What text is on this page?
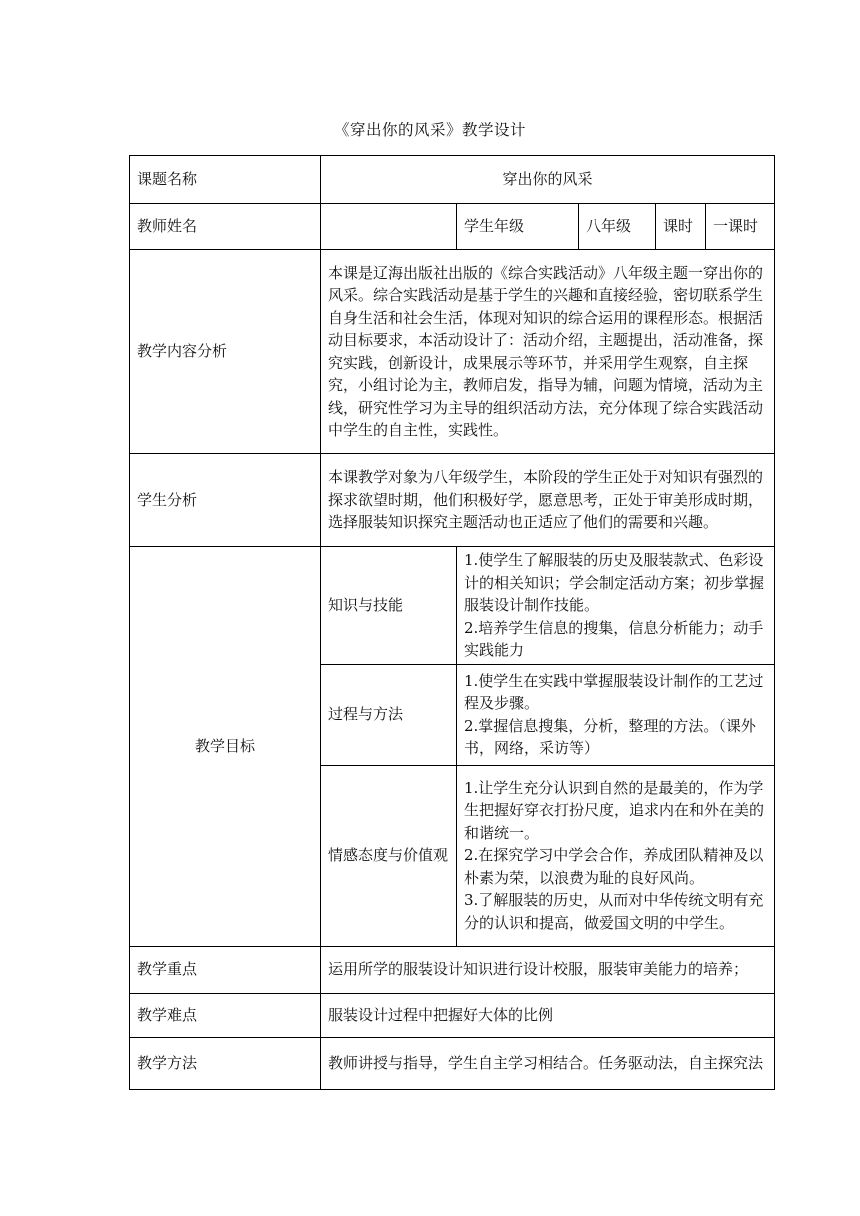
《穿出你的风采》教学设计
课题名称	穿出你的风采				
教师姓名		学生年级	八年级	课时	一课时
教学内容分析	本课是辽海出版社出版的《综合实践活动》八年级主题一穿出你的风采。综合实践活动是基于学生的兴趣和直接经验，密切联系学生自身生活和社会生活，体现对知识的综合运用的课程形态。根据活动目标要求，本活动设计了：活动介绍，主题提出，活动准备，探究实践，创新设计，成果展示等环节，并采用学生观察，自主探究，小组讨论为主，教师启发，指导为辅，问题为情境，活动为主线，研究性学习为主导的组织活动方法，充分体现了综合实践活动中学生的自主性，实践性。				
学生分析	本课教学对象为八年级学生，本阶段的学生正处于对知识有强烈的探求欲望时期，他们积极好学，愿意思考，正处于审美形成时期，选择服装知识探究主题活动也正适应了他们的需要和兴趣。				
教学目标	知识与技能	1.使学生了解服装的历史及服装款式、色彩设计的相关知识；学会制定活动方案；初步掌握服装设计制作技能。
2.培养学生信息的搜集，信息分析能力；动手实践能力			

	过程与方法	1.使学生在实践中掌握服装设计制作的工艺过程及步骤。
2.掌握信息搜集，分析，整理的方法。（课外书，网络，采访等）			

	情感态度与价值观	1.让学生充分认识到自然的是最美的，作为学生把握好穿衣打扮尺度，追求内在和外在美的和谐统一。
2.在探究学习中学会合作，养成团队精神及以朴素为荣，以浪费为耻的良好风尚。
3.了解服装的历史，从而对中华传统文明有充分的认识和提高，做爱国文明的中学生。			

教学重点	运用所学的服装设计知识进行设计校服，服装审美能力的培养；				
教学难点	服装设计过程中把握好大体的比例				
教学方法	教师讲授与指导，学生自主学习相结合。任务驱动法，自主探究法				
